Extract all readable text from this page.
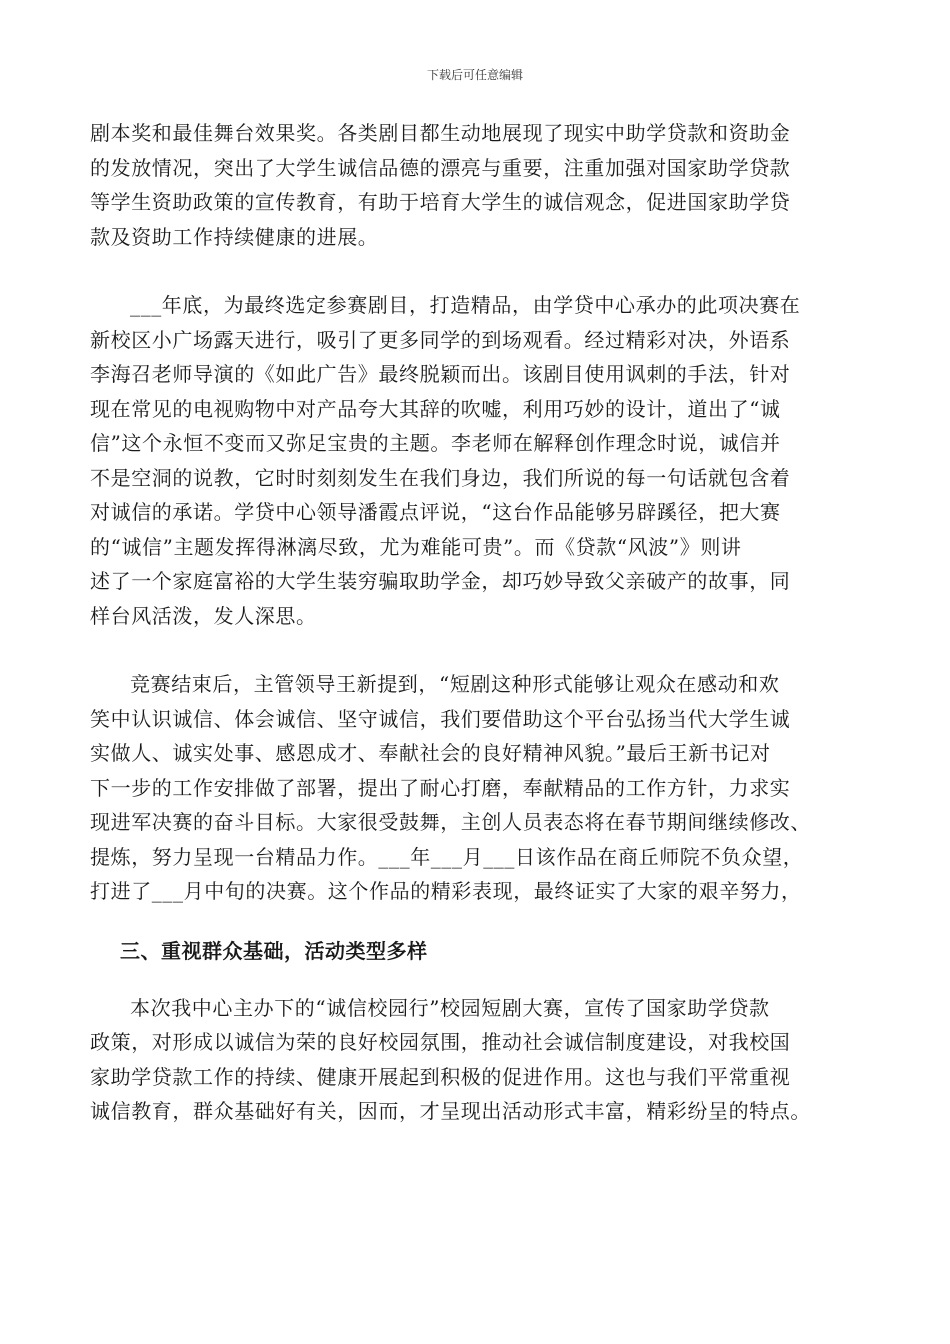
下载后可任意编辑
剧本奖和最佳舞台效果奖。各类剧目都生动地展现了现实中助学贷款和资助金
的发放情况，突出了大学生诚信品德的漂亮与重要，注重加强对国家助学贷款
等学生资助政策的宣传教育，有助于培育大学生的诚信观念，促进国家助学贷
款及资助工作持续健康的进展。
___年底，为最终选定参赛剧目，打造精品，由学贷中心承办的此项决赛在
新校区小广场露天进行，吸引了更多同学的到场观看。经过精彩对决，外语系
李海召老师导演的《如此广告》最终脱颖而出。该剧目使用讽刺的手法，针对
现在常见的电视购物中对产品夸大其辞的吹嘘，利用巧妙的设计，道出了“诚
信”这个永恒不变而又弥足宝贵的主题。李老师在解释创作理念时说，诚信并
不是空洞的说教，它时时刻刻发生在我们身边，我们所说的每一句话就包含着
对诚信的承诺。学贷中心领导潘霞点评说，“这台作品能够另辟蹊径，把大赛
的“诚信”主题发挥得淋漓尽致，尤为难能可贵”。而《贷款“风波”》则讲
述了一个家庭富裕的大学生装穷骗取助学金，却巧妙导致父亲破产的故事，同
样台风活泼，发人深思。
竞赛结束后，主管领导王新提到，“短剧这种形式能够让观众在感动和欢
笑中认识诚信、体会诚信、坚守诚信，我们要借助这个平台弘扬当代大学生诚
实做人、诚实处事、感恩成才、奉献社会的良好精神风貌。”最后王新书记对
下一步的工作安排做了部署，提出了耐心打磨，奉献精品的工作方针，力求实
现进军决赛的奋斗目标。大家很受鼓舞，主创人员表态将在春节期间继续修改、
提炼，努力呈现一台精品力作。___年___月___日该作品在商丘师院不负众望，
打进了___月中旬的决赛。这个作品的精彩表现，最终证实了大家的艰辛努力，
三、重视群众基础，活动类型多样
本次我中心主办下的“诚信校园行”校园短剧大赛，宣传了国家助学贷款
政策，对形成以诚信为荣的良好校园氛围，推动社会诚信制度建设，对我校国
家助学贷款工作的持续、健康开展起到积极的促进作用。这也与我们平常重视
诚信教育，群众基础好有关，因而，才呈现出活动形式丰富，精彩纷呈的特点。
